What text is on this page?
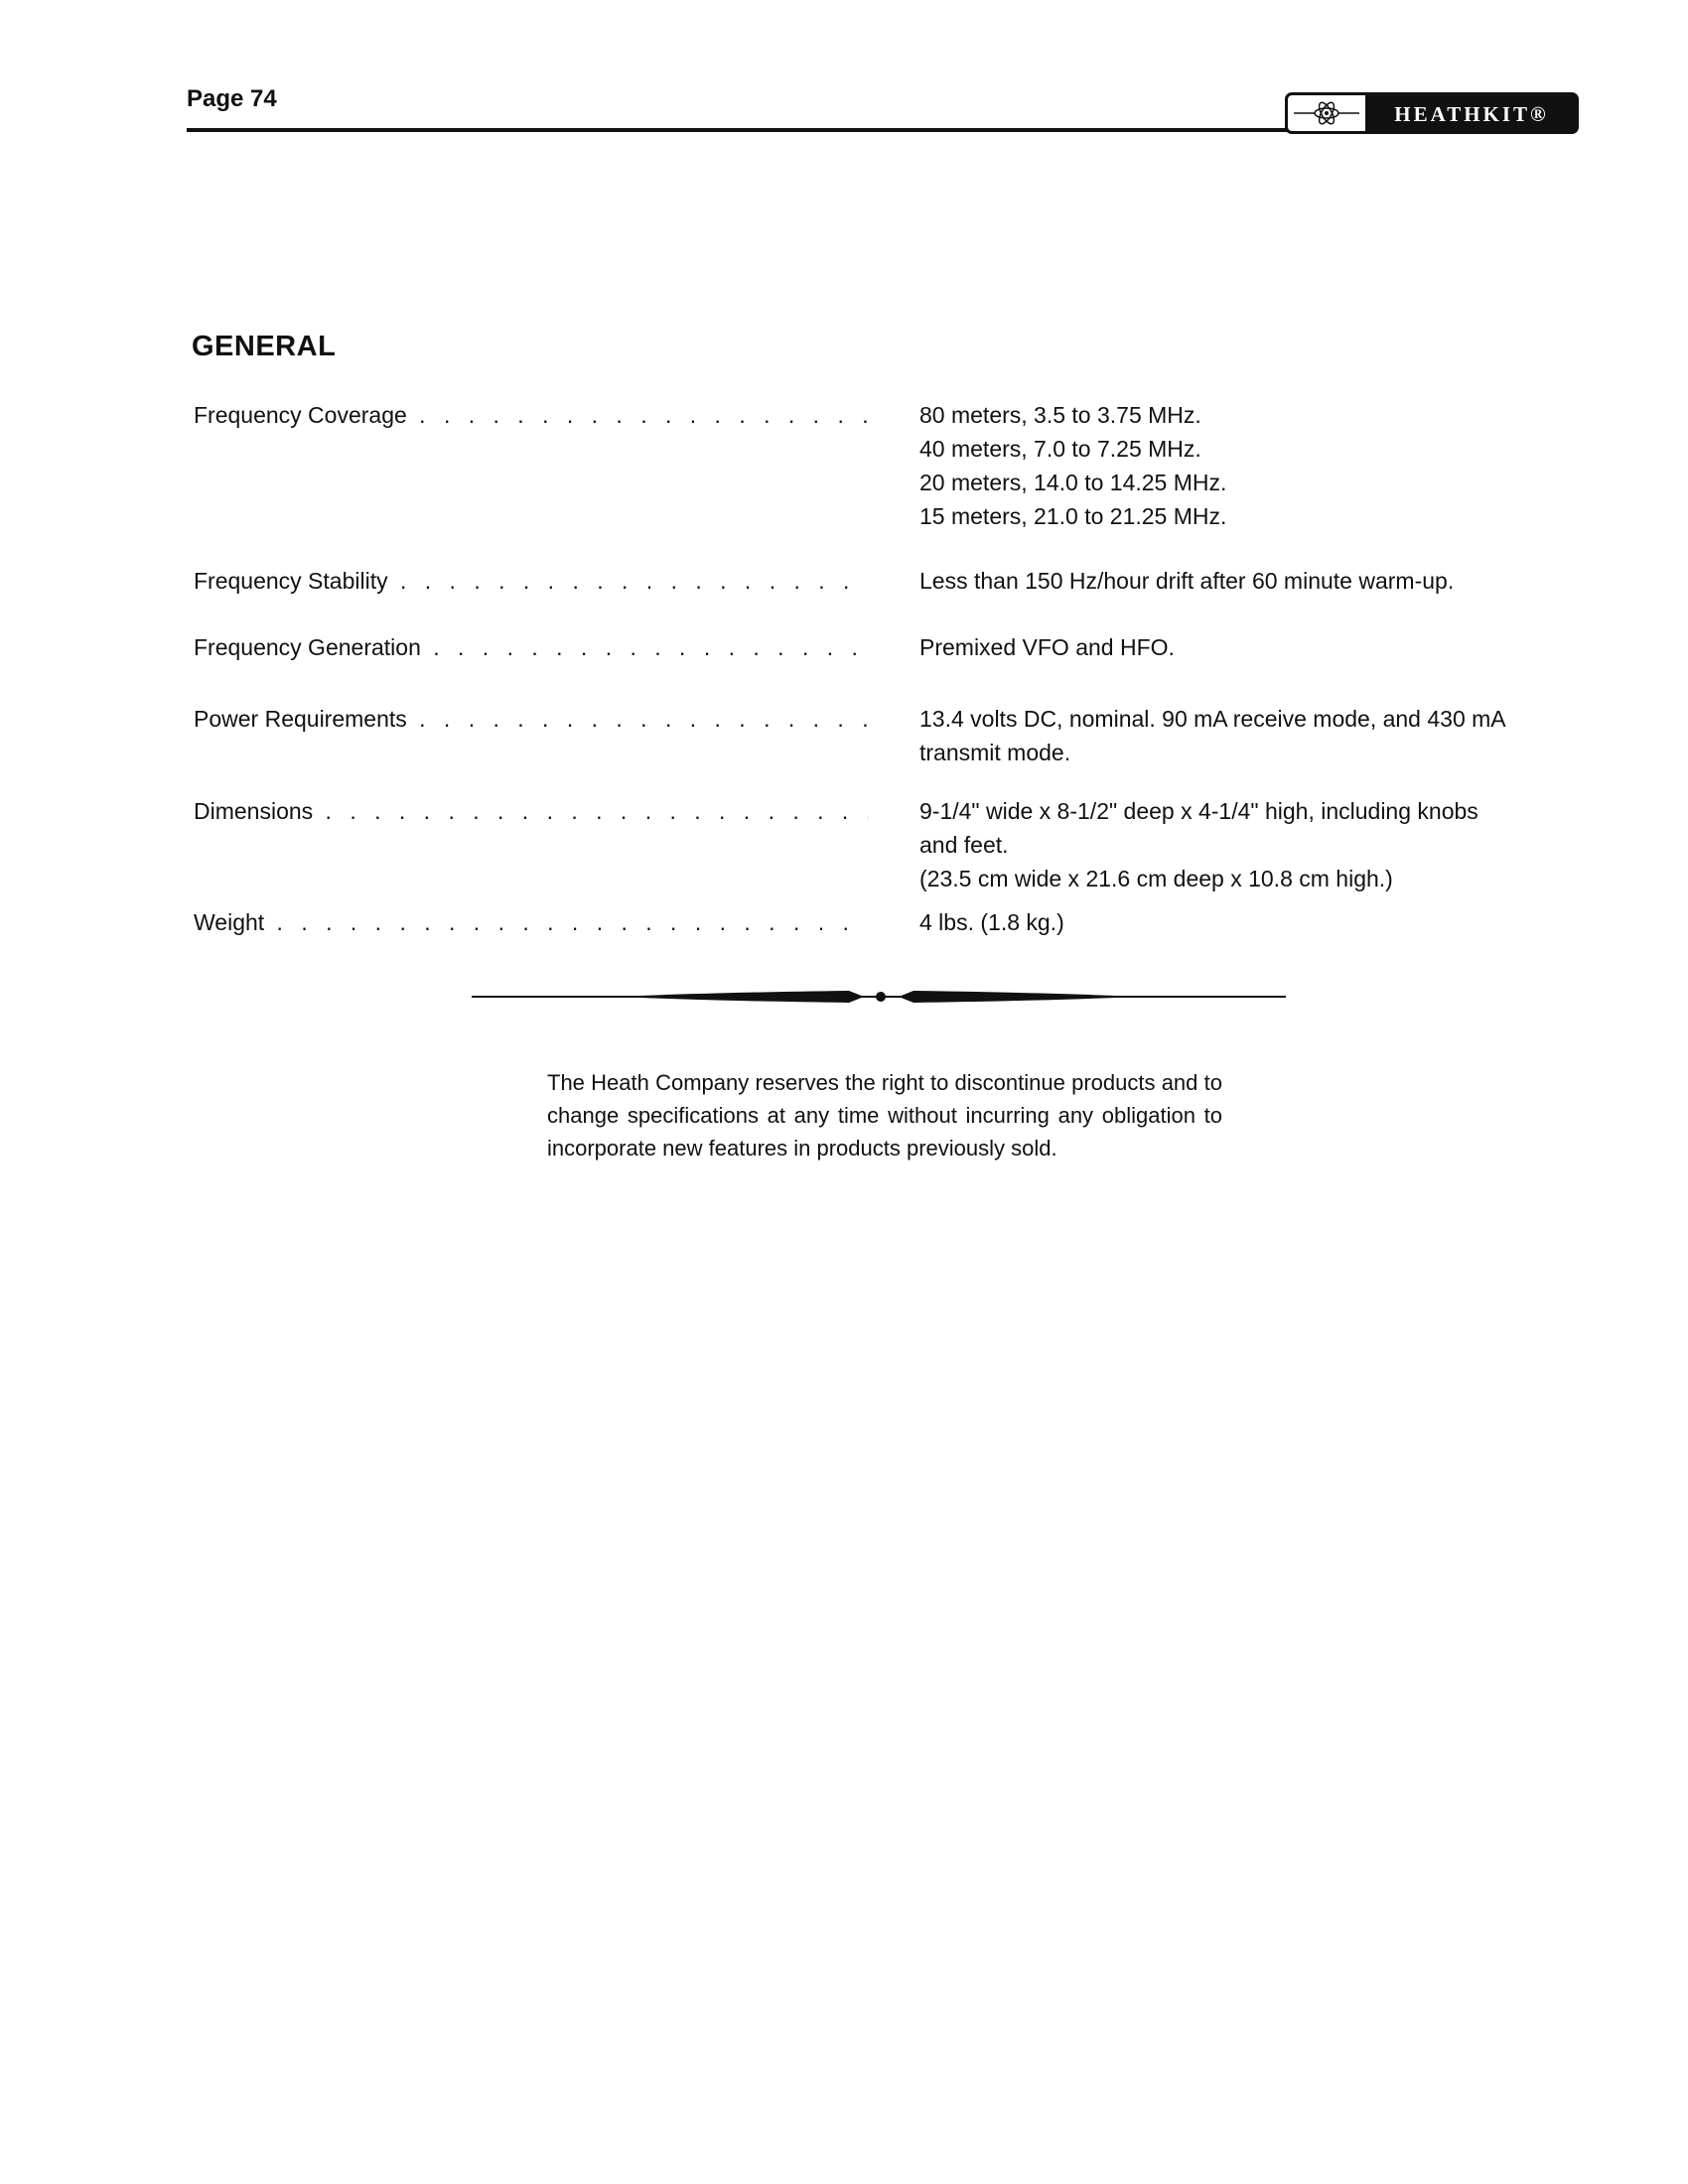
Page 74
HEATHKIT®
GENERAL
Frequency Coverage . . .	80 meters, 3.5 to 3.75 MHz.
40 meters, 7.0 to 7.25 MHz.
20 meters, 14.0 to 14.25 MHz.
15 meters, 21.0 to 21.25 MHz.
Frequency Stability . . .	Less than 150 Hz/hour drift after 60 minute warm-up.
Frequency Generation . . .	Premixed VFO and HFO.
Power Requirements . . .	13.4 volts DC, nominal. 90 mA receive mode, and 430 mA
transmit mode.
Dimensions . . .	9-1/4" wide x 8-1/2" deep x 4-1/4" high, including knobs
and feet.
(23.5 cm wide x 21.6 cm deep x 10.8 cm high.)
Weight . . .	4 lbs. (1.8 kg.)
The Heath Company reserves the right to discontinue products and to change specifications at any time without incurring any obligation to incorporate new features in products previously sold.
